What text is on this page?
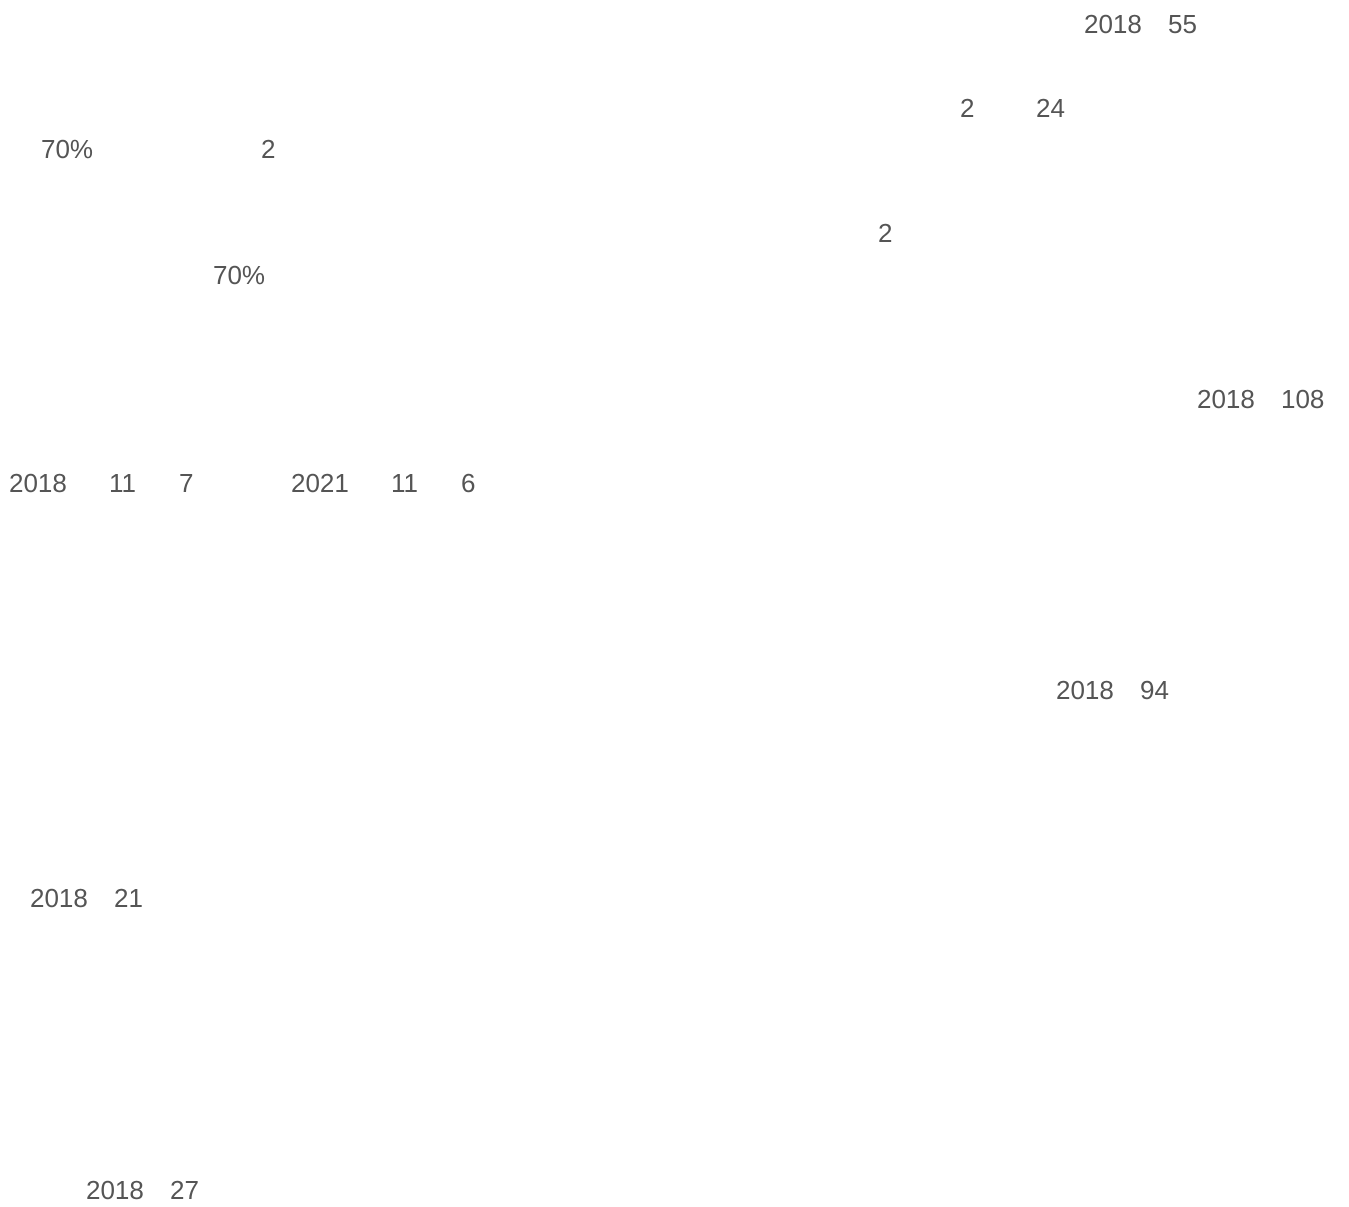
2018 55
2 24
70%	2
2
70%
2018 108
2018 11 7	2021 11 6
2018 94
2018 21
2018 27
